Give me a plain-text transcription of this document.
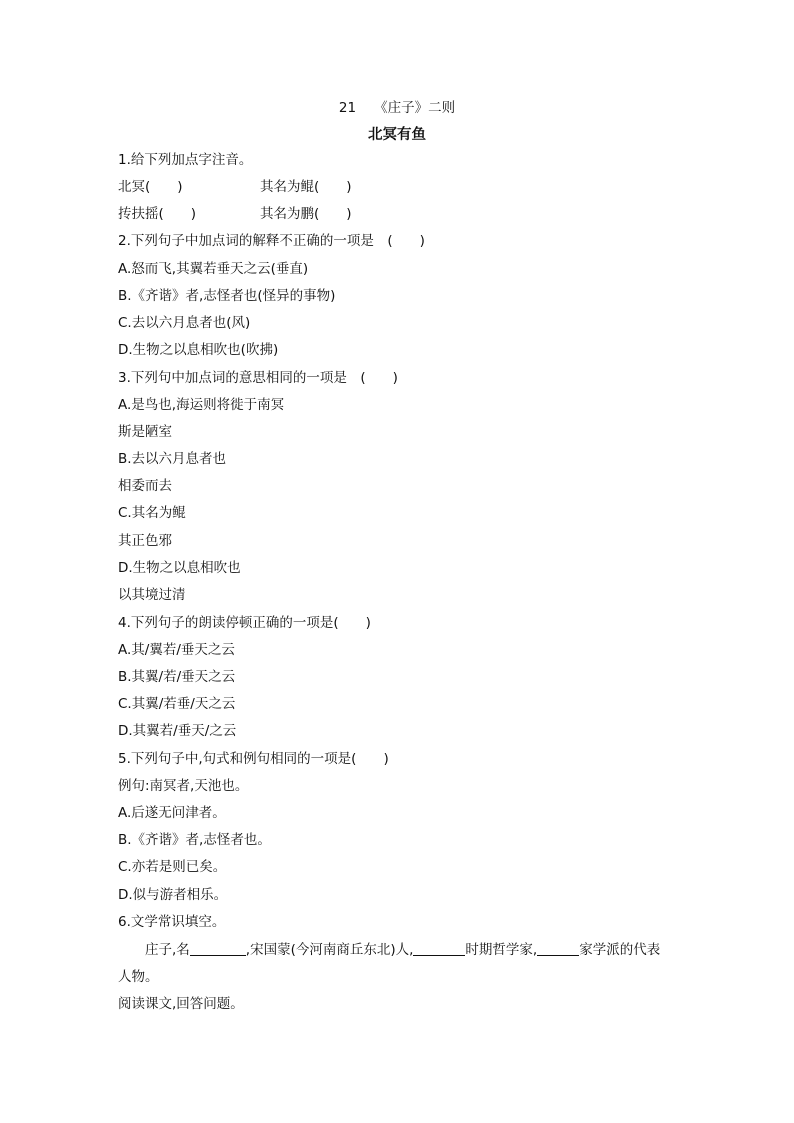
21 《庄子》二则
北冥有鱼
1.给下列加点字注音。
北冥(　　)	其名为鲲(　　)
抟扶摇(　　)	其名为鹏(　　)
2.下列句子中加点词的解释不正确的一项是　(　　)
A.怒而飞,其翼若垂天之云(垂直)
B.《齐谐》者,志怪者也(怪异的事物)
C.去以六月息者也(风)
D.生物之以息相吹也(吹拂)
3.下列句中加点词的意思相同的一项是　(　　)
A.是鸟也,海运则将徙于南冥
斯是陋室
B.去以六月息者也
相委而去
C.其名为鲲
其正色邪
D.生物之以息相吹也
以其境过清
4.下列句子的朗读停顿正确的一项是(　　)
A.其/翼若/垂天之云
B.其翼/若/垂天之云
C.其翼/若垂/天之云
D.其翼若/垂天/之云
5.下列句子中,句式和例句相同的一项是(　　)
例句:南冥者,天池也。
A.后遂无问津者。
B.《齐谐》者,志怪者也。
C.亦若是则已矣。
D.似与游者相乐。
6.文学常识填空。
庄子,名	,宋国蒙(今河南商丘东北)人,	时期哲学家,	家学派的代表
人物。
阅读课文,回答问题。
